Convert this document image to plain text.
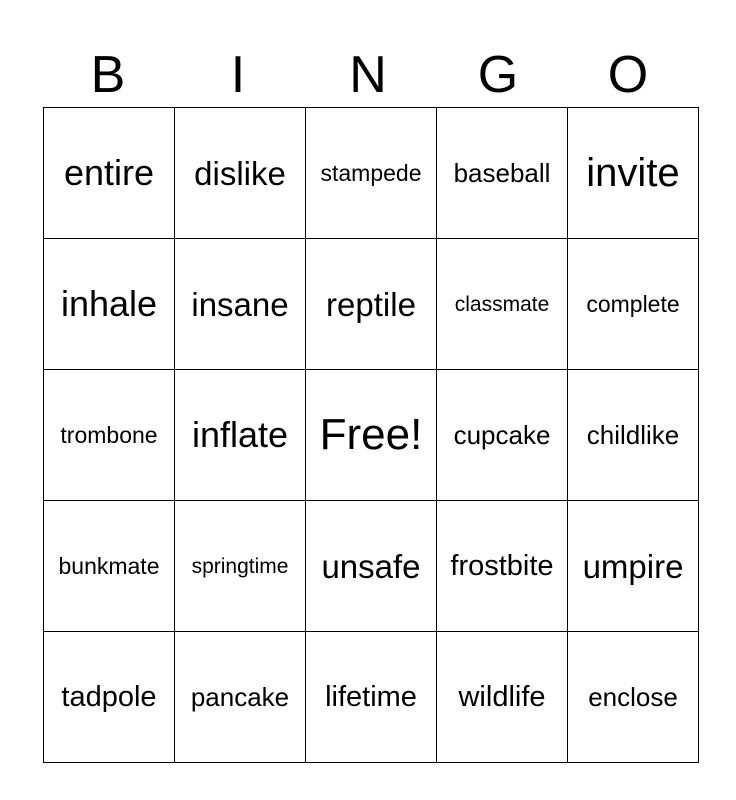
B	I	N	G	O
entire	dislike	stampede	baseball	invite
inhale	insane	reptile	classmate	complete
trombone	inflate	Free!	cupcake	childlike
bunkmate	springtime	unsafe	frostbite	umpire
tadpole	pancake	lifetime	wildlife	enclose
